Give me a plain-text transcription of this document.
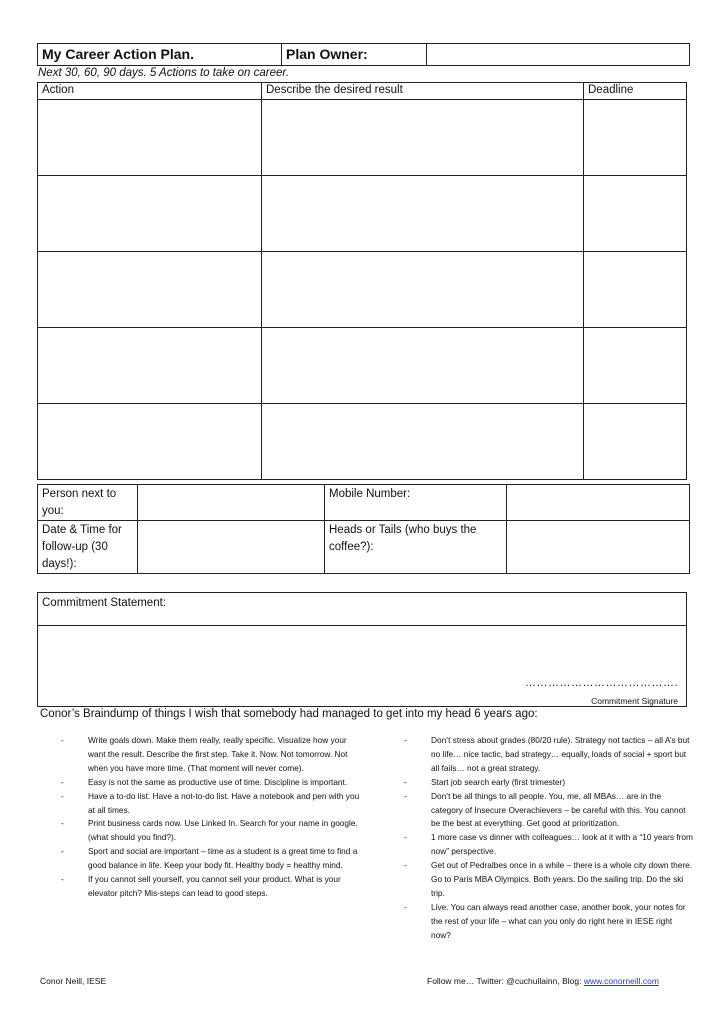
My Career Action Plan.	Plan Owner:	
Next 30, 60, 90 days. 5 Actions to take on career.
Action	Describe the desired result	Deadline

Person next to you:		Mobile Number:	
Date & Time for follow-up (30 days!):		Heads or Tails (who buys the coffee?):	
Commitment Statement:

………………………………….
Commitment Signature
Conor’s Braindump of things I wish that somebody had managed to get into my head 6 years ago:
-	Write goals down. Make them really, really specific. Visualize how your want the result. Describe the first step. Take it. Now. Not tomorrow. Not when you have more time. (That moment will never come).
-	Easy is not the same as productive use of time. Discipline is important.
-	Have a to-do list. Have a not-to-do list. Have a notebook and pen with you at all times.
-	Print business cards now. Use Linked In. Search for your name in google. (what should you find?).
-	Sport and social are important – time as a student is a great time to find a good balance in life. Keep your body fit. Healthy body = healthy mind.
-	If you cannot sell yourself, you cannot sell your product. What is your elevator pitch? Mis-steps can lead to good steps.
-	Don’t stress about grades (80/20 rule). Strategy not tactics – all A’s but no life… nice tactic, bad strategy… equally, loads of social + sport but all fails… not a great strategy.
-	Start job search early (first trimester)
-	Don’t be all things to all people. You, me, all MBAs… are in the category of Insecure Overachievers – be careful with this. You cannot be the best at everything. Get good at prioritization.
-	1 more case vs dinner with colleagues… look at it with a “10 years from now” perspective.
-	Get out of Pedralbes once in a while – there is a whole city down there. Go to Paris MBA Olympics. Both years. Do the sailing trip. Do the ski trip.
-	Live. You can always read another case, another book, your notes for the rest of your life – what can you only do right here in IESE right now?
Conor Neill, IESE	Follow me… Twitter: @cuchullainn, Blog: www.conorneill.com
